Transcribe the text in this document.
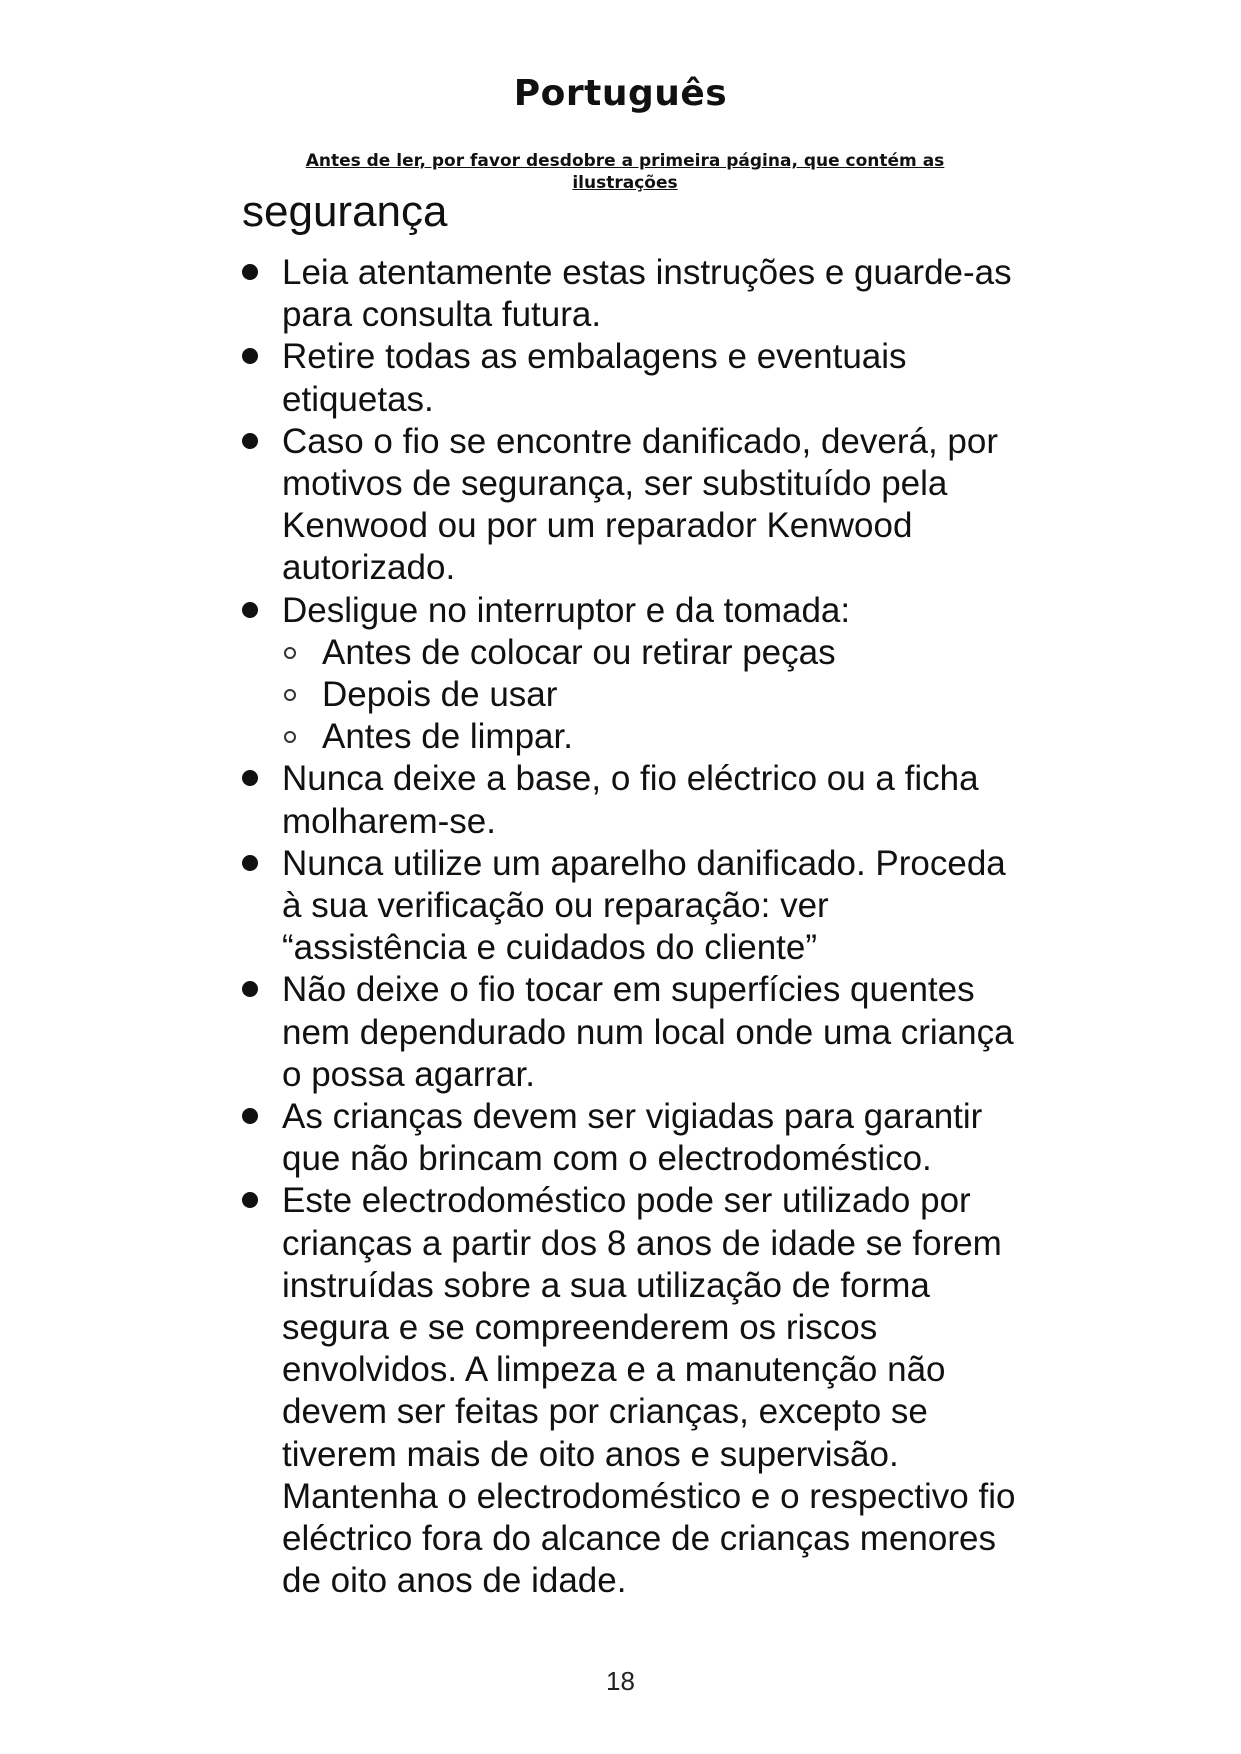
Português
Antes de ler, por favor desdobre a primeira página, que contém as ilustrações
segurança
Leia atentamente estas instruções e guarde-as para consulta futura.
Retire todas as embalagens e eventuais etiquetas.
Caso o fio se encontre danificado, deverá, por motivos de segurança, ser substituído pela Kenwood ou por um reparador Kenwood autorizado.
Desligue no interruptor e da tomada:
Antes de colocar ou retirar peças
Depois de usar
Antes de limpar.
Nunca deixe a base, o fio eléctrico ou a ficha molharem-se.
Nunca utilize um aparelho danificado. Proceda à sua verificação ou reparação: ver “assistência e cuidados do cliente”
Não deixe o fio tocar em superfícies quentes nem dependurado num local onde uma criança o possa agarrar.
As crianças devem ser vigiadas para garantir que não brincam com o electrodoméstico.
Este electrodoméstico pode ser utilizado por crianças a partir dos 8 anos de idade se forem instruídas sobre a sua utilização de forma segura e se compreenderem os riscos envolvidos. A limpeza e a manutenção não devem ser feitas por crianças, excepto se tiverem mais de oito anos e supervisão. Mantenha o electrodoméstico e o respectivo fio eléctrico fora do alcance de crianças menores de oito anos de idade.
18
